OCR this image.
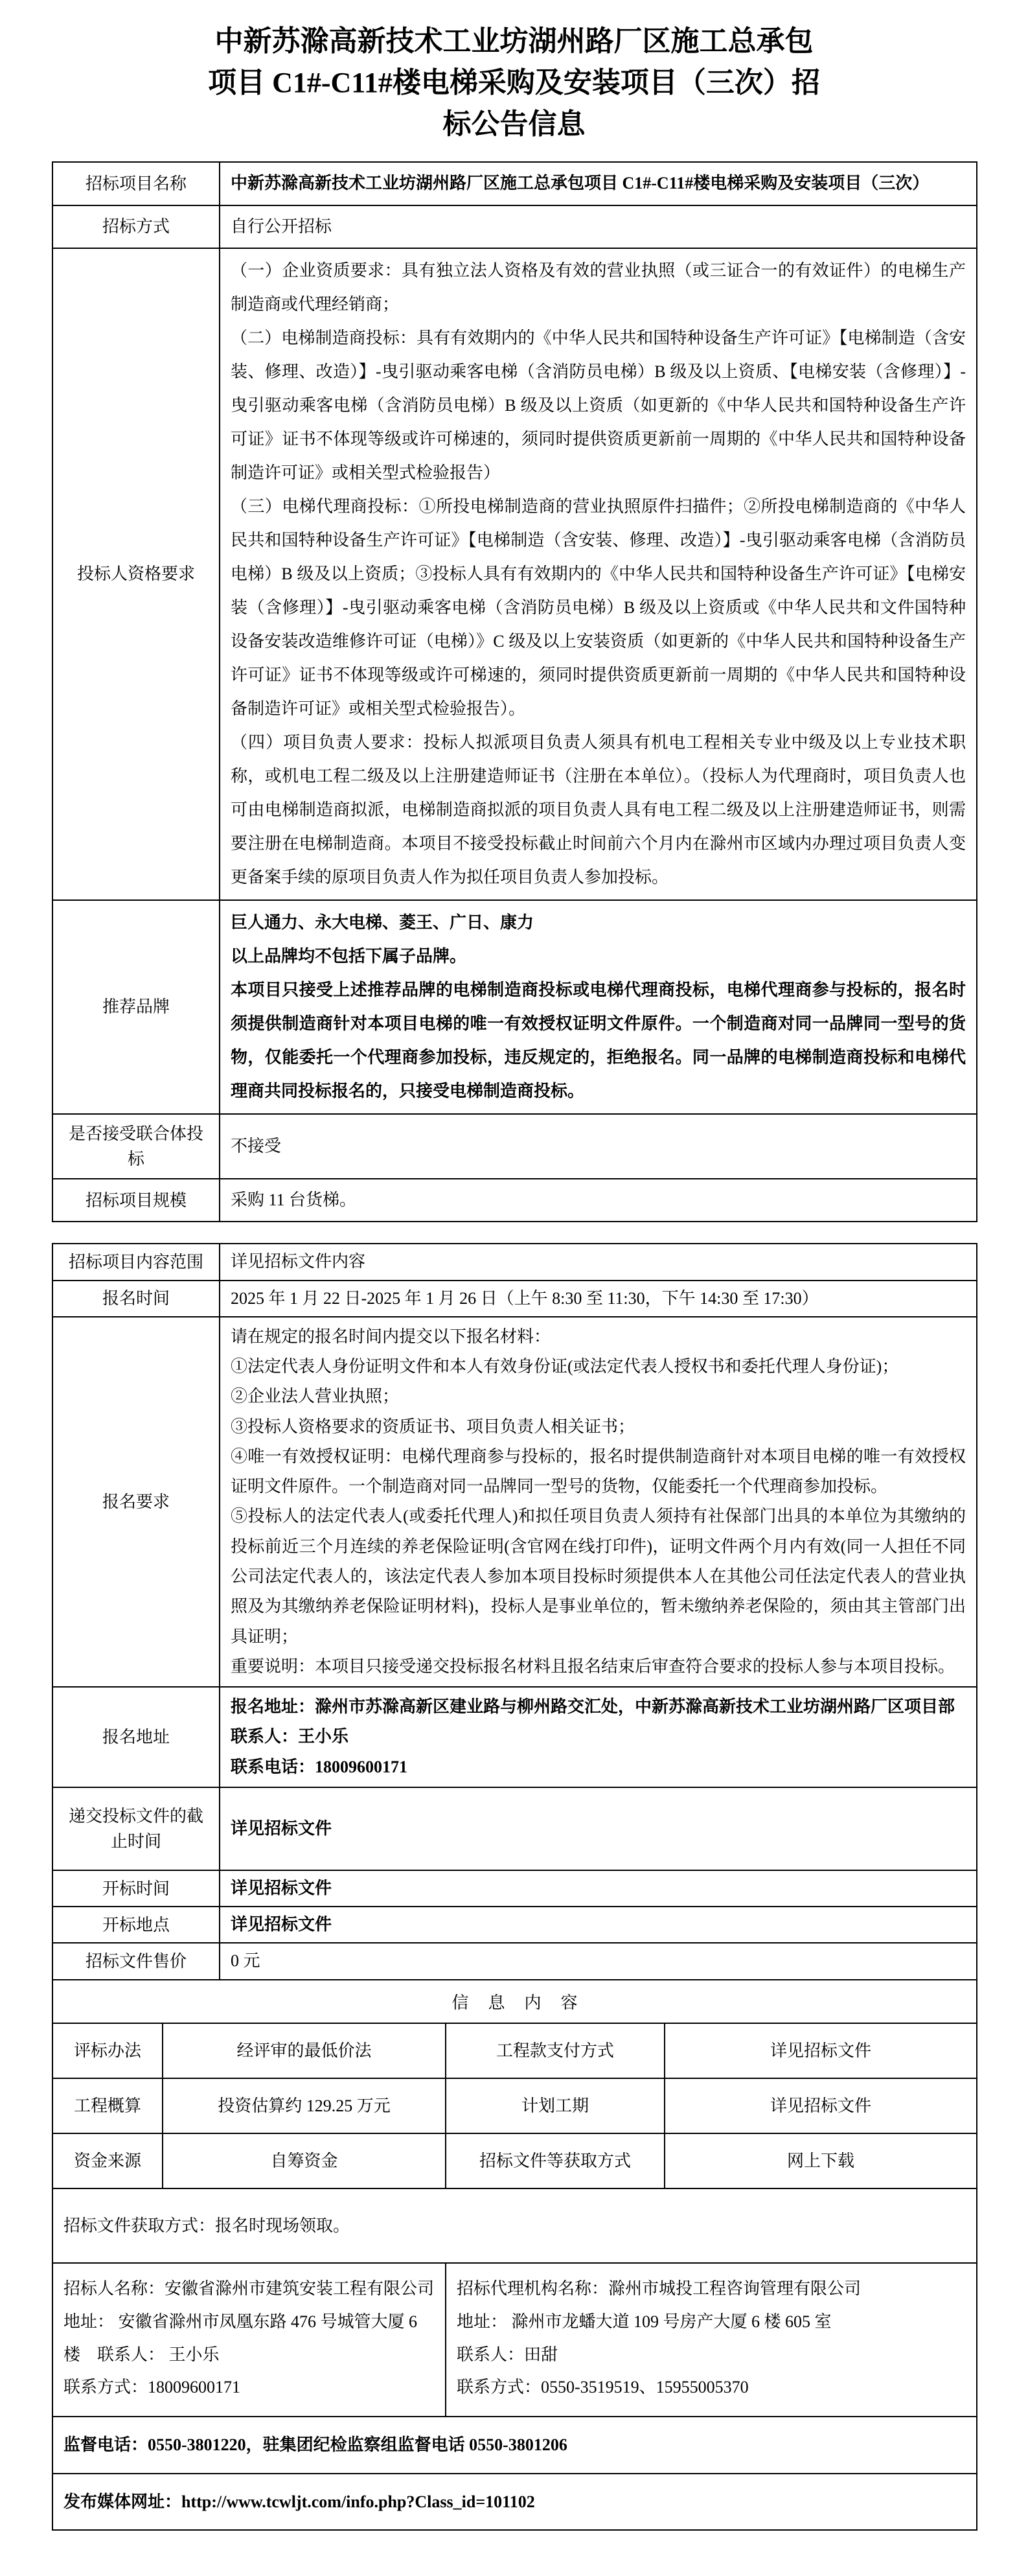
中新苏滁高新技术工业坊湖州路厂区施工总承包项目 C1#-C11#楼电梯采购及安装项目（三次）招标公告信息
招标项目名称	中新苏滁高新技术工业坊湖州路厂区施工总承包项目 C1#-C11#楼电梯采购及安装项目（三次）
招标方式	自行公开招标
投标人资格要求	（一）企业资质要求：具有独立法人资格及有效的营业执照（或三证合一的有效证件）的电梯生产制造商或代理经销商；

（二）电梯制造商投标：具有有效期内的《中华人民共和国特种设备生产许可证》【电梯制造（含安装、修理、改造）】-曳引驱动乘客电梯（含消防员电梯）B 级及以上资质、【电梯安装（含修理）】-曳引驱动乘客电梯（含消防员电梯）B 级及以上资质（如更新的《中华人民共和国特种设备生产许可证》证书不体现等级或许可梯速的，须同时提供资质更新前一周期的《中华人民共和国特种设备制造许可证》或相关型式检验报告）

（三）电梯代理商投标：①所投电梯制造商的营业执照原件扫描件；②所投电梯制造商的《中华人民共和国特种设备生产许可证》【电梯制造（含安装、修理、改造）】-曳引驱动乘客电梯（含消防员电梯）B 级及以上资质；③投标人具有有效期内的《中华人民共和国特种设备生产许可证》【电梯安装（含修理）】-曳引驱动乘客电梯（含消防员电梯）B 级及以上资质或《中华人民共和文件国特种设备安装改造维修许可证（电梯）》C 级及以上安装资质（如更新的《中华人民共和国特种设备生产许可证》证书不体现等级或许可梯速的，须同时提供资质更新前一周期的《中华人民共和国特种设备制造许可证》或相关型式检验报告）。

（四）项目负责人要求：投标人拟派项目负责人须具有机电工程相关专业中级及以上专业技术职称，或机电工程二级及以上注册建造师证书（注册在本单位）。（投标人为代理商时，项目负责人也可由电梯制造商拟派，电梯制造商拟派的项目负责人具有电工程二级及以上注册建造师证书，则需要注册在电梯制造商。本项目不接受投标截止时间前六个月内在滁州市区域内办理过项目负责人变更备案手续的原项目负责人作为拟任项目负责人参加投标。

推荐品牌	巨人通力、永大电梯、菱王、广日、康力

以上品牌均不包括下属子品牌。

本项目只接受上述推荐品牌的电梯制造商投标或电梯代理商投标，电梯代理商参与投标的，报名时须提供制造商针对本项目电梯的唯一有效授权证明文件原件。一个制造商对同一品牌同一型号的货物，仅能委托一个代理商参加投标，违反规定的，拒绝报名。同一品牌的电梯制造商投标和电梯代理商共同投标报名的，只接受电梯制造商投标。

是否接受联合体投标	不接受
招标项目规模	采购 11 台货梯。
招标项目内容范围		详见招标文件内容		
报名时间		2025 年 1 月 22 日-2025 年 1 月 26 日（上午 8:30 至 11:30，下午 14:30 至 17:30）		
报名要求	

请在规定的报名时间内提交以下报名材料：

①法定代表人身份证明文件和本人有效身份证(或法定代表人授权书和委托代理人身份证)；

②企业法人营业执照；

③投标人资格要求的资质证书、项目负责人相关证书；

④唯一有效授权证明：电梯代理商参与投标的，报名时提供制造商针对本项目电梯的唯一有效授权证明文件原件。一个制造商对同一品牌同一型号的货物，仅能委托一个代理商参加投标。

⑤投标人的法定代表人(或委托代理人)和拟任项目负责人须持有社保部门出具的本单位为其缴纳的投标前近三个月连续的养老保险证明(含官网在线打印件)，证明文件两个月内有效(同一人担任不同公司法定代表人的，该法定代表人参加本项目投标时须提供本人在其他公司任法定代表人的营业执照及为其缴纳养老保险证明材料)，投标人是事业单位的，暂未缴纳养老保险的，须由其主管部门出具证明；

重要说明：本项目只接受递交投标报名材料且报名结束后审查符合要求的投标人参与本项目投标。

报名地址		报名地址：滁州市苏滁高新区建业路与柳州路交汇处，中新苏滁高新技术工业坊湖州路厂区项目部

联系人：王小乐

联系电话：18009600171		

递交投标文件的截止时间		详见招标文件		
开标时间		详见招标文件		
开标地点		详见招标文件		
招标文件售价		0 元		
信息内容				
评标办法	经评审的最低价法		工程款支付方式	详见招标文件
工程概算	投资估算约 129.25 万元		计划工期	详见招标文件
资金来源	自筹资金		招标文件等获取方式	网上下载
招标文件获取方式：报名时现场领取。				

招标人名称：安徽省滁州市建筑安装工程有限公司

地址： 安徽省滁州市凤凰东路 476 号城管大厦 6 楼　联系人： 王小乐

联系方式：18009600171

招标代理机构名称：滁州市城投工程咨询管理有限公司

地址： 滁州市龙蟠大道 109 号房产大厦 6 楼 605 室

联系人：田甜

联系方式：0550-3519519、15955005370

监督电话：0550-3801220，驻集团纪检监察组监督电话 0550-3801206				
发布媒体网址：http://www.tcwljt.com/info.php?Class_id=101102				
